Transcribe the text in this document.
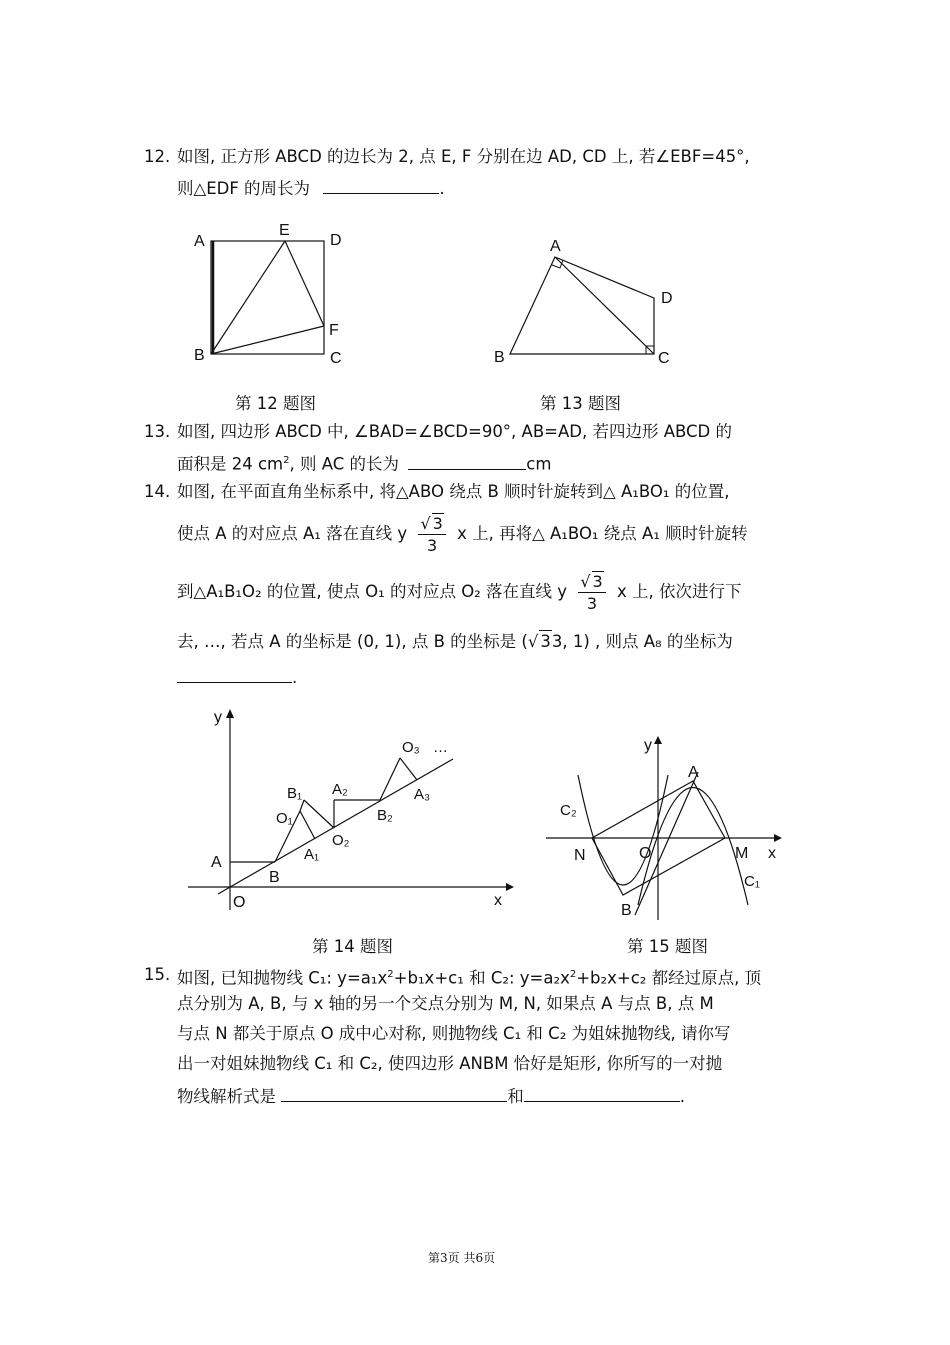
12. 如图, 正方形 ABCD 的边长为 2, 点 E, F 分别在边 AD, CD 上, 若∠EBF=45°,
则△EDF 的周长为	.
A
E
D
F
B	C
A
D
B	C
第 12 题图	第 13 题图
13. 如图, 四边形 ABCD 中, ∠BAD=∠BCD=90°, AB=AD, 若四边形 ABCD 的
面积是 24 $cm^2$, 则 AC 的长为	cm
14. 如图, 在平面直角坐标系中, 将△ABO 绕点 B 顺时针旋转到△ A₁BO₁ 的位置,
使点 A 的对应点 A₁ 落在直线 y $\frac{√ 3}{3}$ x 上, 再将△ A₁BO₁ 绕点 A₁ 顺时针旋转
到△A₁B₁O₂ 的位置, 使点 O₁ 的对应点 O₂ 落在直线 y $\frac{√ 3}{3}$ x 上, 依次进行下
去, …, 若点 A 的坐标是 (0, 1), 点 B 的坐标是 (√ 33, 1) , 则点 A₈ 的坐标为
.
y
x
O
A
B
A₁
O₁
B₁ A₂
O₂
B₂
A₃
O₃ …	y
x
O
A
B
N	M
C₁
C₂
第 14 题图	第 15 题图
15. 如图, 已知抛物线 C₁: $y=a_1x^2+b_1x+c_1$ 和 C₂: $y=a_2x^2+b_2x+c_2$ 都经过原点, 顶
点分别为 A, B, 与 x 轴的另一个交点分别为 M, N, 如果点 A 与点 B, 点 M
与点 N 都关于原点 O 成中心对称, 则抛物线 C₁ 和 C₂ 为姐妹抛物线, 请你写
出一对姐妹抛物线 C₁ 和 C₂, 使四边形 ANBM 恰好是矩形, 你所写的一对抛
物线解析式是	和	.
第3页 共6页
